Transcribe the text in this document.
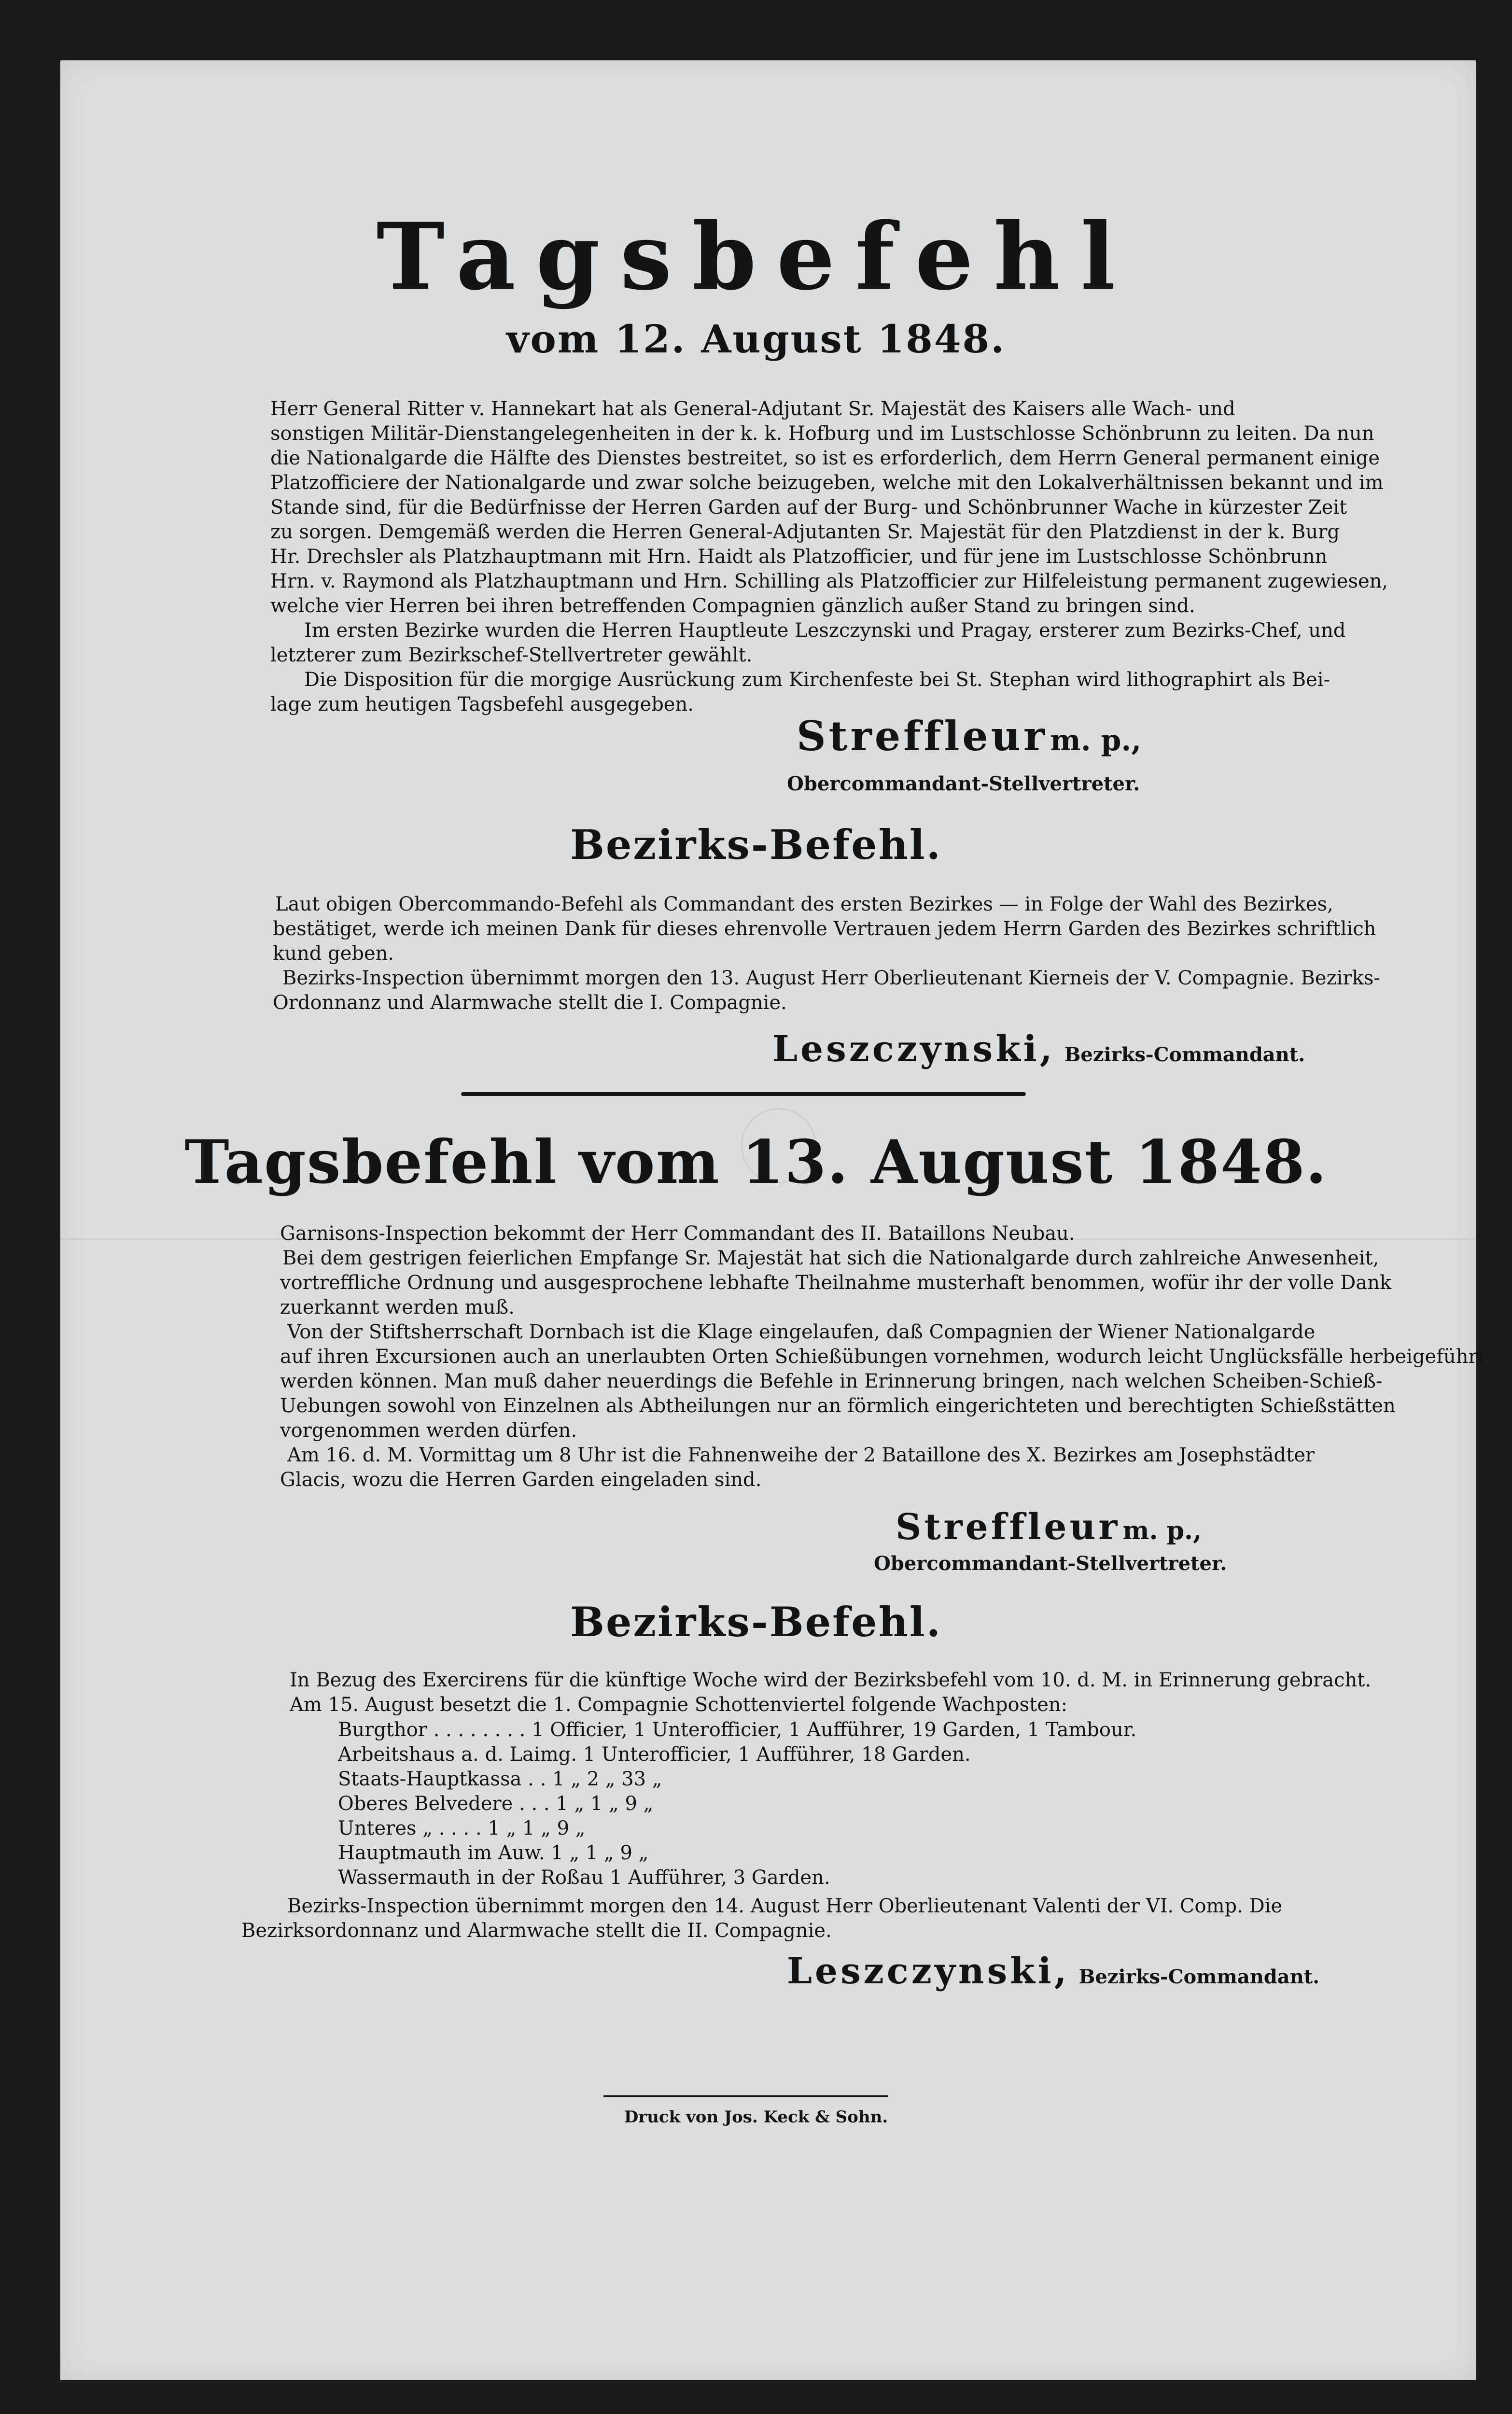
Tagsbefehl
vom 12. August 1848.
Herr General Ritter v. Hannekart hat als General-Adjutant Sr. Majestät des Kaisers alle Wach- und
sonstigen Militär-Dienstangelegenheiten in der k. k. Hofburg und im Lustschlosse Schönbrunn zu leiten. Da nun
die Nationalgarde die Hälfte des Dienstes bestreitet, so ist es erforderlich, dem Herrn General permanent einige
Platzofficiere der Nationalgarde und zwar solche beizugeben, welche mit den Lokalverhältnissen bekannt und im
Stande sind, für die Bedürfnisse der Herren Garden auf der Burg- und Schönbrunner Wache in kürzester Zeit
zu sorgen. Demgemäß werden die Herren General-Adjutanten Sr. Majestät für den Platzdienst in der k. Burg
Hr. Drechsler als Platzhauptmann mit Hrn. Haidt als Platzofficier, und für jene im Lustschlosse Schönbrunn
Hrn. v. Raymond als Platzhauptmann und Hrn. Schilling als Platzofficier zur Hilfeleistung permanent zugewiesen,
welche vier Herren bei ihren betreffenden Compagnien gänzlich außer Stand zu bringen sind.
Im ersten Bezirke wurden die Herren Hauptleute Leszczynski und Pragay, ersterer zum Bezirks-Chef, und
letzterer zum Bezirkschef-Stellvertreter gewählt.
Die Disposition für die morgige Ausrückung zum Kirchenfeste bei St. Stephan wird lithographirt als Bei-
lage zum heutigen Tagsbefehl ausgegeben.
Streffleur m. p.,
Obercommandant-Stellvertreter.
Bezirks-Befehl.
Laut obigen Obercommando-Befehl als Commandant des ersten Bezirkes — in Folge der Wahl des Bezirkes,
bestätiget, werde ich meinen Dank für dieses ehrenvolle Vertrauen jedem Herrn Garden des Bezirkes schriftlich
kund geben.
Bezirks-Inspection übernimmt morgen den 13. August Herr Oberlieutenant Kierneis der V. Compagnie. Bezirks-
Ordonnanz und Alarmwache stellt die I. Compagnie.
Leszczynski, Bezirks-Commandant.
Tagsbefehl vom 13. August 1848.
Garnisons-Inspection bekommt der Herr Commandant des II. Bataillons Neubau.
Bei dem gestrigen feierlichen Empfange Sr. Majestät hat sich die Nationalgarde durch zahlreiche Anwesenheit,
vortreffliche Ordnung und ausgesprochene lebhafte Theilnahme musterhaft benommen, wofür ihr der volle Dank
zuerkannt werden muß.
Von der Stiftsherrschaft Dornbach ist die Klage eingelaufen, daß Compagnien der Wiener Nationalgarde
auf ihren Excursionen auch an unerlaubten Orten Schießübungen vornehmen, wodurch leicht Unglücksfälle herbeigeführt
werden können. Man muß daher neuerdings die Befehle in Erinnerung bringen, nach welchen Scheiben-Schieß-
Uebungen sowohl von Einzelnen als Abtheilungen nur an förmlich eingerichteten und berechtigten Schießstätten
vorgenommen werden dürfen.
Am 16. d. M. Vormittag um 8 Uhr ist die Fahnenweihe der 2 Bataillone des X. Bezirkes am Josephstädter
Glacis, wozu die Herren Garden eingeladen sind.
Streffleur m. p.,
Obercommandant-Stellvertreter.
Bezirks-Befehl.
In Bezug des Exercirens für die künftige Woche wird der Bezirksbefehl vom 10. d. M. in Erinnerung gebracht.
Am 15. August besetzt die 1. Compagnie Schottenviertel folgende Wachposten:
Burgthor . . . . . . . . 1 Officier, 1 Unterofficier, 1 Aufführer, 19 Garden, 1 Tambour.
Arbeitshaus a. d. Laimg. 1 Unterofficier, 1 Aufführer, 18 Garden.
Staats-Hauptkassa . . 1 „ 2 „ 33 „
Oberes Belvedere . . . 1 „ 1 „ 9 „
Unteres „ . . . . 1 „ 1 „ 9 „
Hauptmauth im Auw. 1 „ 1 „ 9 „
Wassermauth in der Roßau 1 Aufführer, 3 Garden.
Bezirks-Inspection übernimmt morgen den 14. August Herr Oberlieutenant Valenti der VI. Comp. Die
Bezirksordonnanz und Alarmwache stellt die II. Compagnie.
Leszczynski, Bezirks-Commandant.
Druck von Jos. Keck & Sohn.
